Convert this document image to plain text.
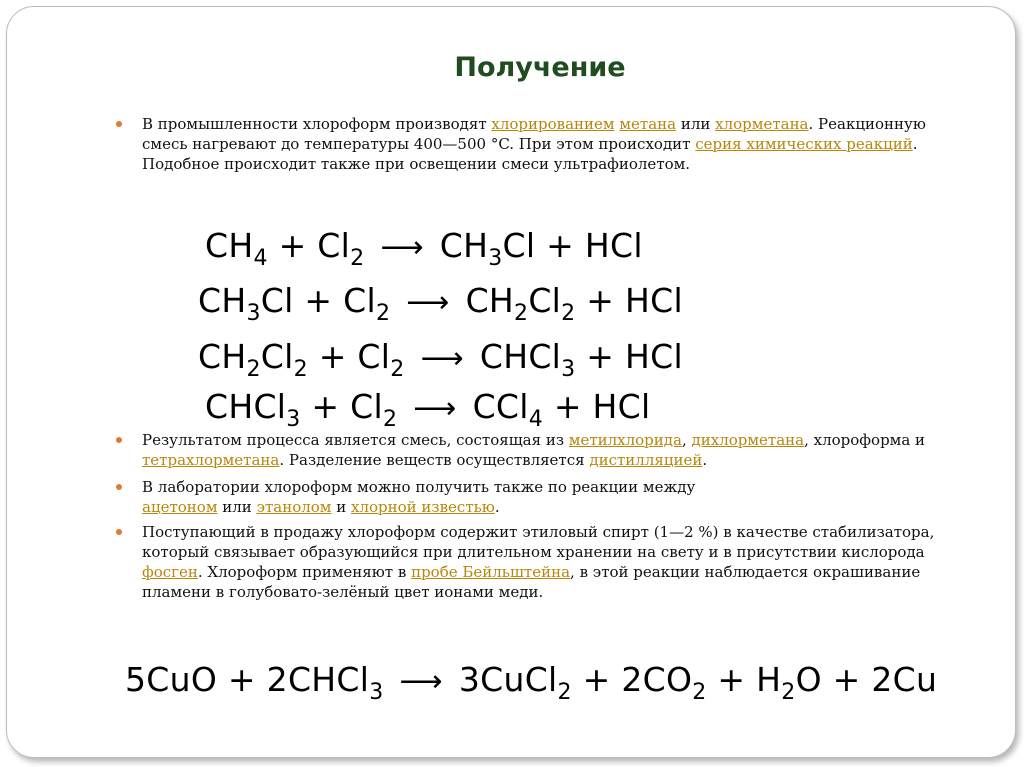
Получение
В промышленности хлороформ производят хлорированием метана или хлорметана. Реакционную смесь нагревают до температуры 400—500 °C. При этом происходит серия химических реакций. Подобное происходит также при освещении смеси ультрафиолетом.
$CH_4 + Cl_2$ ⟶ $CH_3Cl$ + HCl
$CH_3Cl + Cl_2$ ⟶ $CH_2Cl_2$ + HCl
$CH_2Cl_2 + Cl_2$ ⟶ CHCl$_3$ + HCl
CHCl$_3$ + $Cl_2$ ⟶ CCl$_4$ + HCl
Результатом процесса является смесь, состоящая из метилхлорида, дихлорметана, хлороформа и тетрахлорметана. Разделение веществ осуществляется дистилляцией.
В лаборатории хлороформ можно получить также по реакции между ацетоном или этанолом и хлорной известью.
Поступающий в продажу хлороформ содержит этиловый спирт (1—2 %) в качестве стабилизатора, который связывает образующийся при длительном хранении на свету и в присутствии кислорода фосген. Хлороформ применяют в пробе Бейльштейна, в этой реакции наблюдается окрашивание пламени в голубовато-зелёный цвет ионами меди.
5CuO + 2CHCl$_3$ ⟶ 3CuCl$_2$ + $2CO_2 + H_2O + 2Cu$
